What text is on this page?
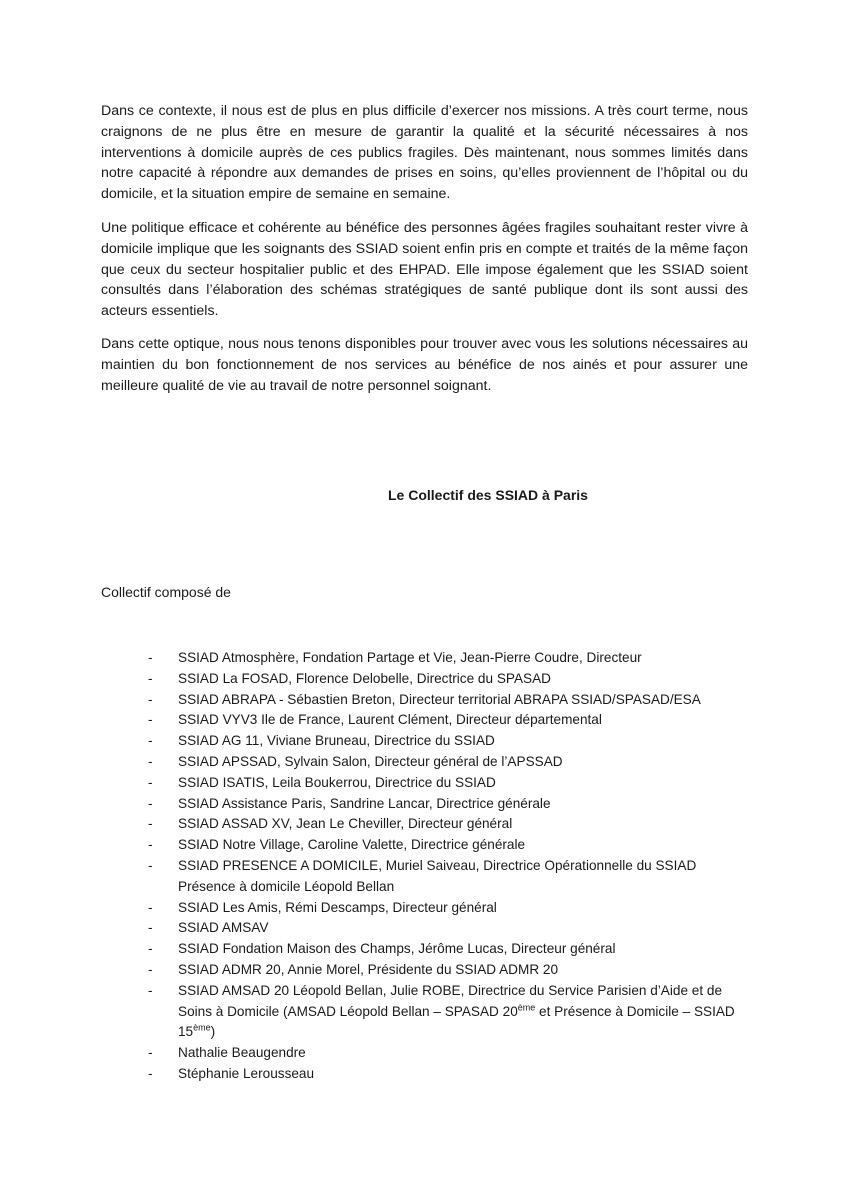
Dans ce contexte, il nous est de plus en plus difficile d’exercer nos missions. A très court terme, nous craignons de ne plus être en mesure de garantir la qualité et la sécurité nécessaires à nos interventions à domicile auprès de ces publics fragiles. Dès maintenant, nous sommes limités dans notre capacité à répondre aux demandes de prises en soins, qu’elles proviennent de l’hôpital ou du domicile, et la situation empire de semaine en semaine.

Une politique efficace et cohérente au bénéfice des personnes âgées fragiles souhaitant rester vivre à domicile implique que les soignants des SSIAD soient enfin pris en compte et traités de la même façon que ceux du secteur hospitalier public et des EHPAD. Elle impose également que les SSIAD soient consultés dans l’élaboration des schémas stratégiques de santé publique dont ils sont aussi des acteurs essentiels.

Dans cette optique, nous nous tenons disponibles pour trouver avec vous les solutions nécessaires au maintien du bon fonctionnement de nos services au bénéfice de nos ainés et pour assurer une meilleure qualité de vie au travail de notre personnel soignant.

Le Collectif des SSIAD à Paris

Collectif composé de

- SSIAD Atmosphère, Fondation Partage et Vie, Jean-Pierre Coudre, Directeur
- SSIAD La FOSAD, Florence Delobelle, Directrice du SPASAD
- SSIAD ABRAPA - Sébastien Breton, Directeur territorial ABRAPA SSIAD/SPASAD/ESA
- SSIAD VYV3 Ile de France, Laurent Clément, Directeur départemental
- SSIAD AG 11, Viviane Bruneau, Directrice du SSIAD
- SSIAD APSSAD, Sylvain Salon, Directeur général de l’APSSAD
- SSIAD ISATIS, Leila Boukerrou, Directrice du SSIAD
- SSIAD Assistance Paris, Sandrine Lancar, Directrice générale
- SSIAD ASSAD XV, Jean Le Cheviller, Directeur général
- SSIAD Notre Village, Caroline Valette, Directrice générale
- SSIAD PRESENCE A DOMICILE, Muriel Saiveau, Directrice Opérationnelle du SSIAD Présence à domicile Léopold Bellan
- SSIAD Les Amis, Rémi Descamps, Directeur général
- SSIAD AMSAV
- SSIAD Fondation Maison des Champs, Jérôme Lucas, Directeur général
- SSIAD ADMR 20, Annie Morel, Présidente du SSIAD ADMR 20
- SSIAD AMSAD 20 Léopold Bellan, Julie ROBE, Directrice du Service Parisien d’Aide et de Soins à Domicile (AMSAD Léopold Bellan – SPASAD 20ème et Présence à Domicile – SSIAD 15ème)
- Nathalie Beaugendre
- Stéphanie Lerousseau
